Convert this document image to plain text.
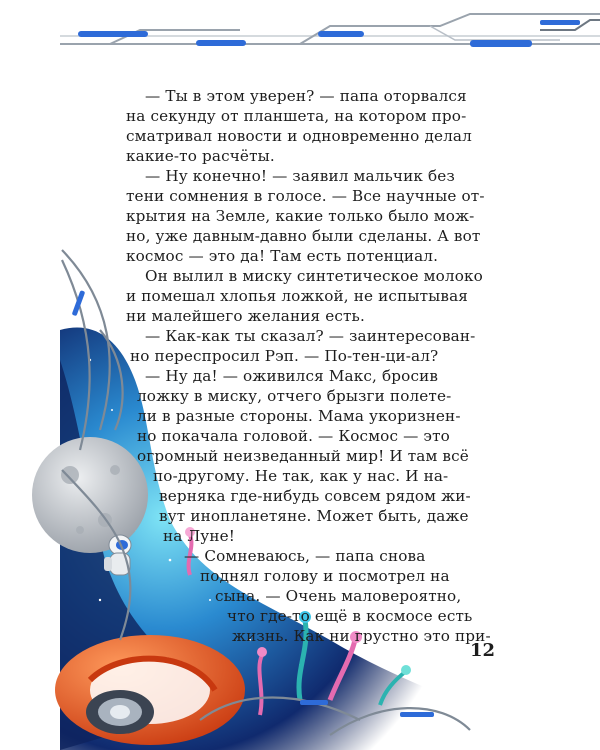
— Ты в этом уверен? — папа оторвался
на секунду от планшета, на котором про-
сматривал новости и одновременно делал
какие-то расчёты.
— Ну конечно! — заявил мальчик без
тени сомнения в голосе. — Все научные от-
крытия на Земле, какие только было мож-
но, уже давным-давно были сделаны. А вот
космос — это да! Там есть потенциал.
Он вылил в миску синтетическое молоко
и помешал хлопья ложкой, не испытывая
ни малейшего желания есть.
— Как-как ты сказал? — заинтересован-
но переспросил Рэп. — По-тен-ци-ал?
— Ну да! — оживился Макс, бросив
ложку в миску, отчего брызги полете-
ли в разные стороны. Мама укоризнен-
но покачала головой. — Космос — это
огромный неизведанный мир! И там всё
по-другому. Не так, как у нас. И на-
верняка где-нибудь совсем рядом жи-
вут инопланетяне. Может быть, даже
на Луне!
— Сомневаюсь, — папа снова
поднял голову и посмотрел на
сына. — Очень маловероятно,
что где-то ещё в космосе есть
жизнь. Как ни грустно это при-
12
